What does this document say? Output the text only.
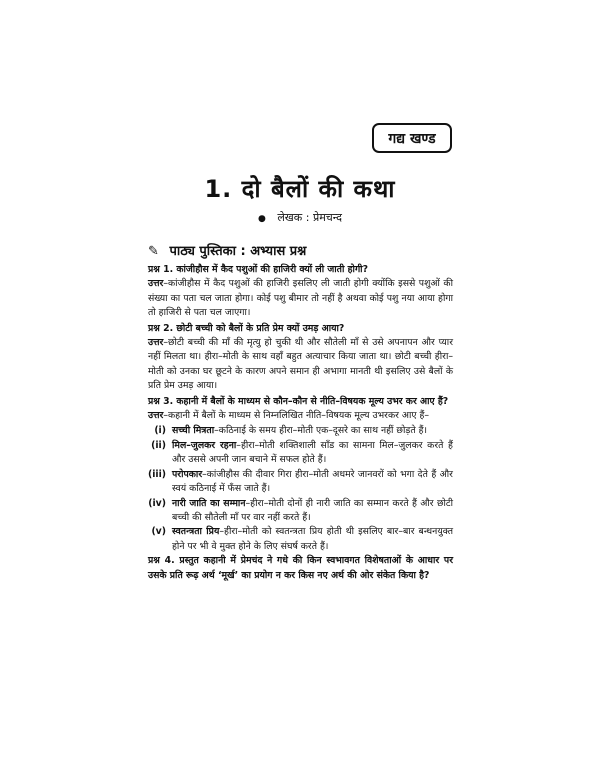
गद्य खण्ड
1. दो बैलों की कथा
● लेखक : प्रेमचन्द
✎ पाठ्य पुस्तिका : अभ्यास प्रश्न

प्रश्न 1. कांजीहौस में कैद पशुओं की हाजिरी क्यों ली जाती होगी?

उत्तर–कांजीहौस में कैद पशुओं की हाजिरी इसलिए ली जाती होगी क्योंकि इससे पशुओं की संख्या का पता चल जाता होगा। कोई पशु बीमार तो नहीं है अथवा कोई पशु नया आया होगा तो हाजिरी से पता चल जाएगा।

प्रश्न 2. छोटी बच्ची को बैलों के प्रति प्रेम क्यों उमड़ आया?

उत्तर–छोटी बच्ची की माँ की मृत्यु हो चुकी थी और सौतेली माँ से उसे अपनापन और प्यार नहीं मिलता था। हीरा–मोती के साथ वहाँ बहुत अत्याचार किया जाता था। छोटी बच्ची हीरा–मोती को उनका घर छूटने के कारण अपने समान ही अभागा मानती थी इसलिए उसे बैलों के प्रति प्रेम उमड़ आया।

प्रश्न 3. कहानी में बैलों के माध्यम से कौन–कौन से नीति–विषयक मूल्य उभर कर आए हैं?

उत्तर–कहानी में बैलों के माध्यम से निम्नलिखित नीति–विषयक मूल्य उभरकर आए हैं–

(i) सच्ची मित्रता–कठिनाई के समय हीरा–मोती एक–दूसरे का साथ नहीं छोड़ते हैं।
(ii) मिल–जुलकर रहना–हीरा–मोती शक्तिशाली साँड का सामना मिल–जुलकर करते हैं और उससे अपनी जान बचाने में सफल होते हैं।
(iii) परोपकार–कांजीहौस की दीवार गिरा हीरा–मोती अधमरे जानवरों को भगा देते हैं और स्वयं कठिनाई में फँस जाते हैं।
(iv) नारी जाति का सम्मान–हीरा–मोती दोनों ही नारी जाति का सम्मान करते हैं और छोटी बच्ची की सौतेली माँ पर वार नहीं करते हैं।
(v) स्वतन्त्रता प्रिय–हीरा–मोती को स्वतन्त्रता प्रिय होती थी इसलिए बार–बार बन्धनयुक्त होने पर भी वे मुक्त होने के लिए संघर्ष करते हैं।

प्रश्न 4. प्रस्तुत कहानी में प्रेमचंद ने गधे की किन स्वभावगत विशेषताओं के आधार पर उसके प्रति रूढ़ अर्थ ‘मूर्ख’ का प्रयोग न कर किस नए अर्थ की ओर संकेत किया है?
